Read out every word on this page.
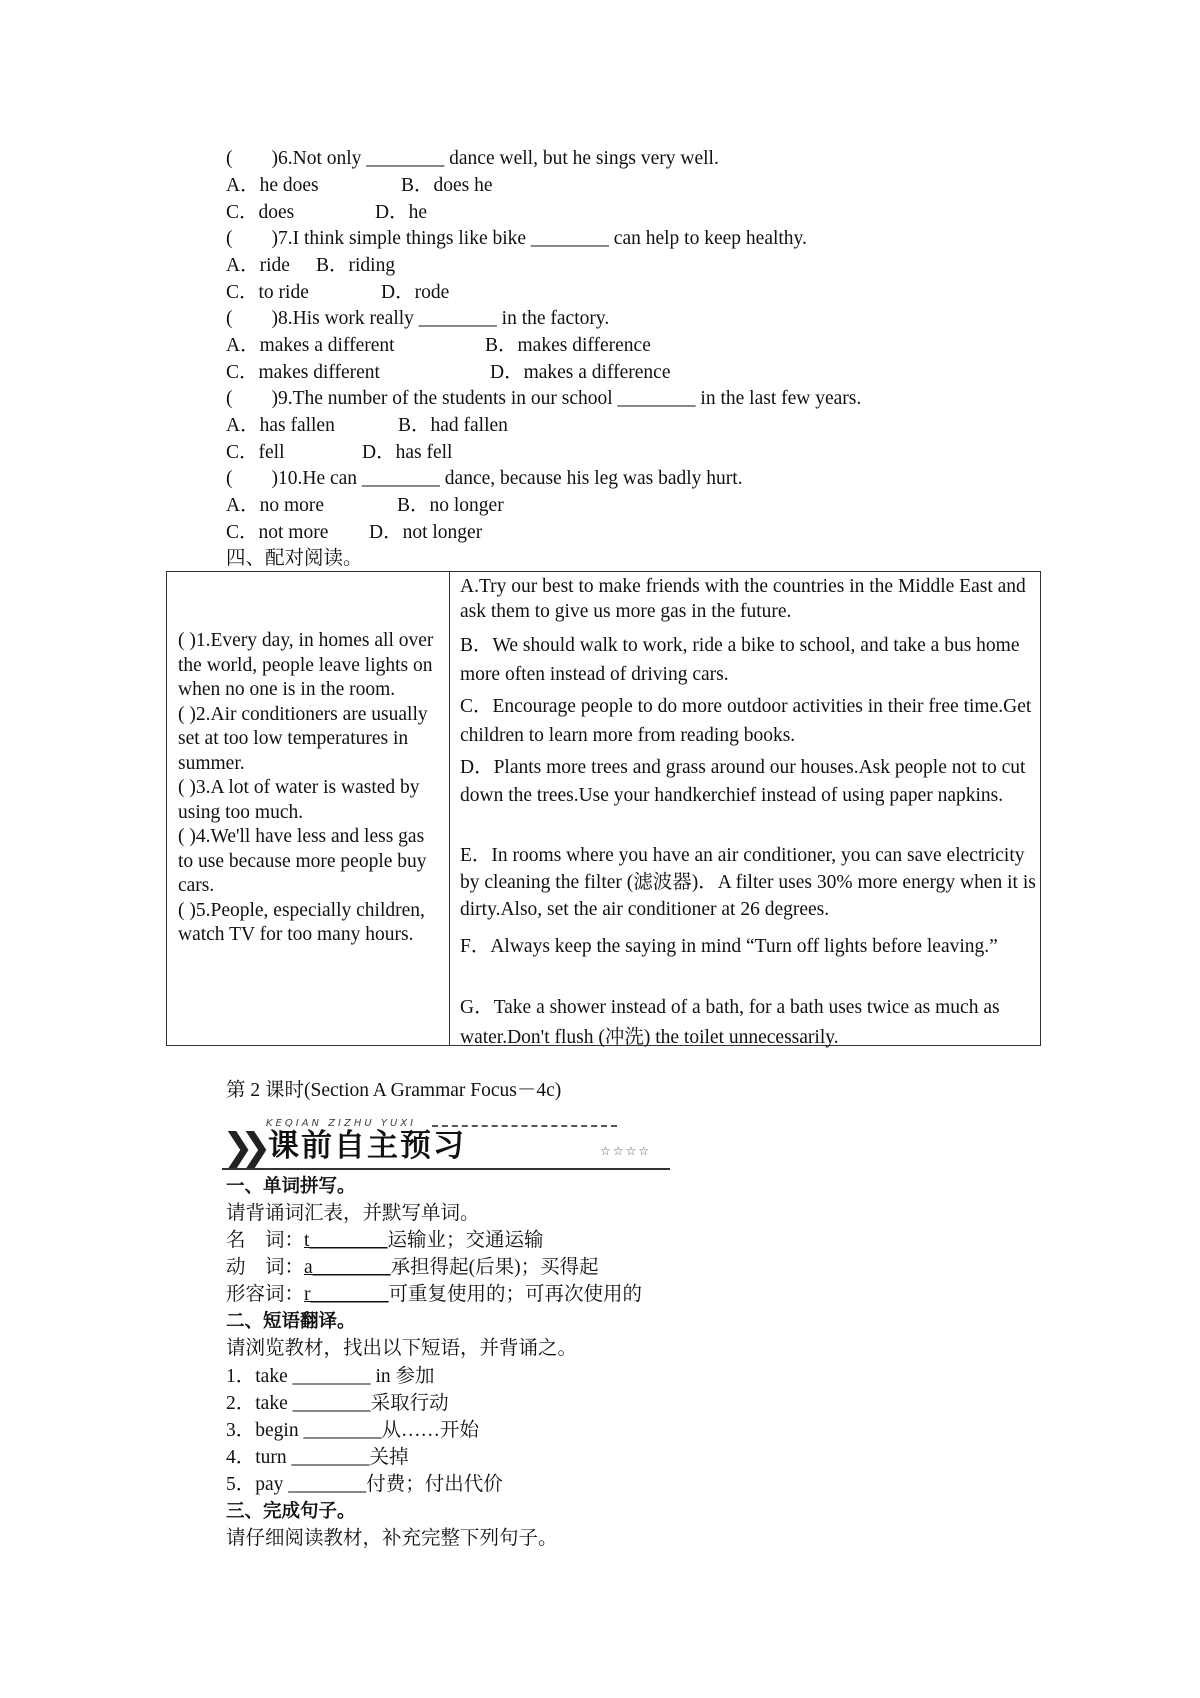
(        )6.Not only ________ dance well, but he sings very well.
A．he does	B．does he
C．does	D．he
(        )7.I think simple things like bike ________ can help to keep healthy.
A．ride B．riding
C．to ride	D．rode
(        )8.His work really ________ in the factory.
A．makes a different	B．makes difference
C．makes different	D．makes a difference
(        )9.The number of the students in our school ________ in the last few years.
A．has fallen	B．had fallen
C．fell	D．has fell
(        )10.He can ________ dance, because his leg was badly hurt.
A．no more	B．no longer
C．not more D．not longer
四、配对阅读。
( )1.Every day, in homes all over the world, people leave lights on when no one is in the room.
( )2.Air conditioners are usually set at too low temperatures in summer.
( )3.A lot of water is wasted by using too much.
( )4.We'll have less and less gas to use because more people buy cars.
( )5.People, especially children, watch TV for too many hours.
A.Try our best to make friends with the countries in the Middle East and ask them to give us more gas in the future.
B．We should walk to work, ride a bike to school, and take a bus home more often instead of driving cars.
C．Encourage people to do more outdoor activities in their free time.Get children to learn more from reading books.
D．Plants more trees and grass around our houses.Ask people not to cut down the trees.Use your handkerchief instead of using paper napkins.
E．In rooms where you have an air conditioner, you can save electricity by cleaning the filter (滤波器)．A filter uses 30% more energy when it is dirty.Also, set the air conditioner at 26 degrees.
F．Always keep the saying in mind “Turn off lights before leaving.”
G．Take a shower instead of a bath, for a bath uses twice as much as water.Don't flush (冲洗) the toilet unnecessarily.
第 2 课时(Section A Grammar Focus－4c)
KEQIAN ZIZHU YUXI
❯❯ 课前自主预习	☆☆☆☆
一、单词拼写。
请背诵词汇表，并默写单词。
名　词：t________运输业；交通运输
动　词：a________承担得起(后果)；买得起
形容词：r________可重复使用的；可再次使用的
二、短语翻译。
请浏览教材，找出以下短语，并背诵之。
1．take ________ in 参加
2．take ________采取行动
3．begin ________从……开始
4．turn ________关掉
5．pay ________付费；付出代价
三、完成句子。
请仔细阅读教材，补充完整下列句子。
